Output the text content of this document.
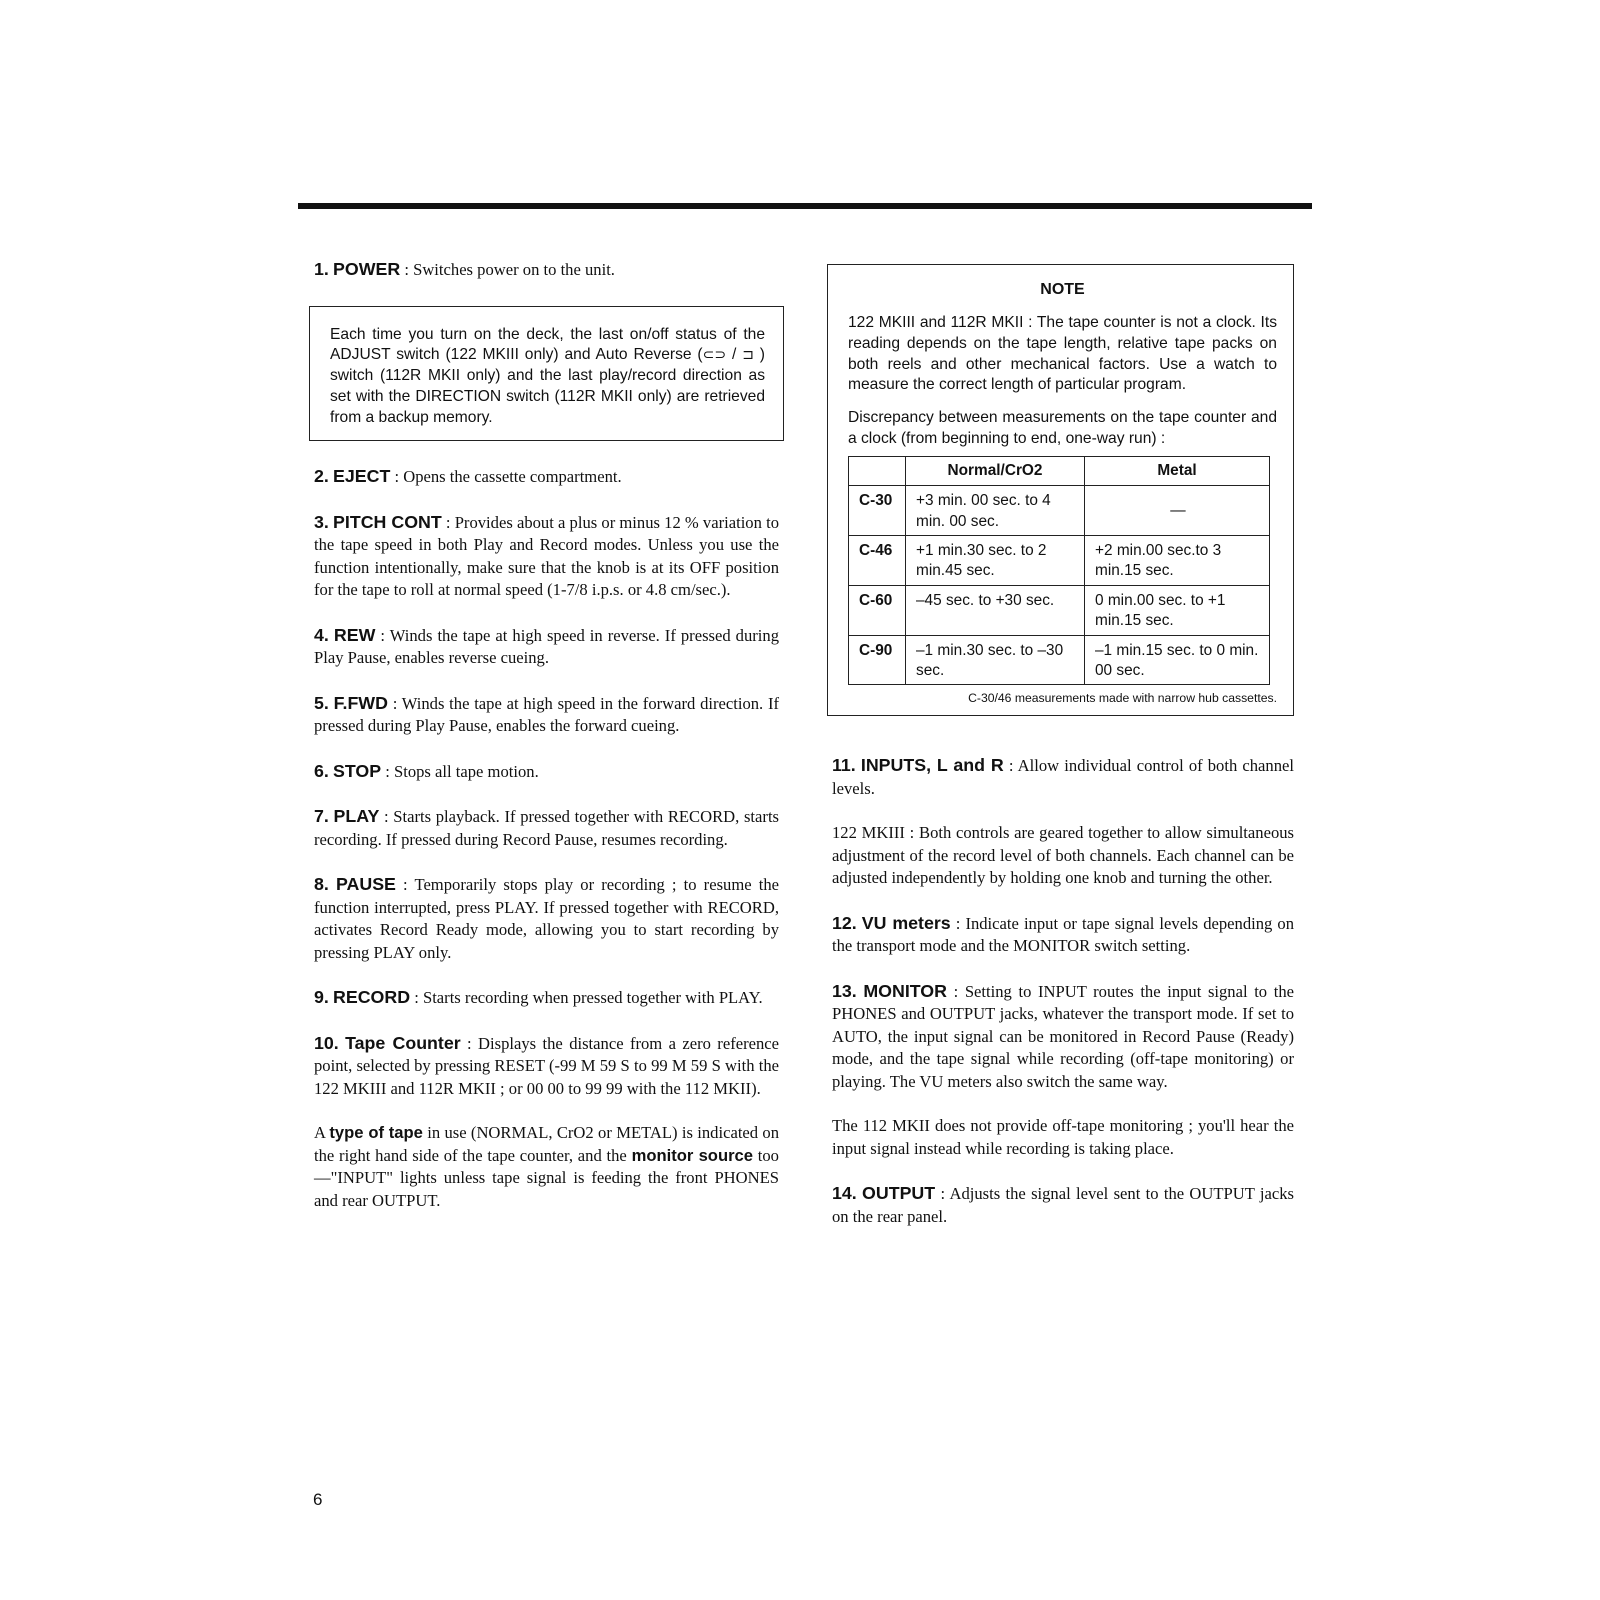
1. POWER : Switches power on to the unit.

Each time you turn on the deck, the last on/off status of the ADJUST switch (122 MKIII only) and Auto Reverse (⊂⊃ / ⊐ ) switch (112R MKII only) and the last play/record direction as set with the DIRECTION switch (112R MKII only) are retrieved from a backup memory.

2. EJECT : Opens the cassette compartment.

3. PITCH CONT : Provides about a plus or minus 12 % variation to the tape speed in both Play and Record modes. Unless you use the function intentionally, make sure that the knob is at its OFF position for the tape to roll at normal speed (1-7/8 i.p.s. or 4.8 cm/sec.).

4. REW : Winds the tape at high speed in reverse. If pressed during Play Pause, enables reverse cueing.

5. F.FWD : Winds the tape at high speed in the forward direction. If pressed during Play Pause, enables the forward cueing.

6. STOP : Stops all tape motion.

7. PLAY : Starts playback. If pressed together with RECORD, starts recording. If pressed during Record Pause, resumes recording.

8. PAUSE : Temporarily stops play or recording ; to resume the function interrupted, press PLAY. If pressed together with RECORD, activates Record Ready mode, allowing you to start recording by pressing PLAY only.

9. RECORD : Starts recording when pressed together with PLAY.

10. Tape Counter : Displays the distance from a zero reference point, selected by pressing RESET (-99 M 59 S to 99 M 59 S with the 122 MKIII and 112R MKII ; or 00 00 to 99 99 with the 112 MKII).

A type of tape in use (NORMAL, CrO2 or METAL) is indicated on the right hand side of the tape counter, and the monitor source too—"INPUT" lights unless tape signal is feeding the front PHONES and rear OUTPUT.

NOTE

122 MKIII and 112R MKII : The tape counter is not a clock. Its reading depends on the tape length, relative tape packs on both reels and other mechanical factors. Use a watch to measure the correct length of particular program.

Discrepancy between measurements on the tape counter and a clock (from beginning to end, one-way run) :

	Normal/CrO2	Metal
C-30	+3 min. 00 sec. to 4 min. 00 sec.	—
C-46	+1 min.30 sec. to 2 min.45 sec.	+2 min.00 sec.to 3 min.15 sec.
C-60	–45 sec. to +30 sec.	0 min.00 sec. to +1 min.15 sec.
C-90	–1 min.30 sec. to –30 sec.	–1 min.15 sec. to 0 min. 00 sec.

C-30/46 measurements made with narrow hub cassettes.

11. INPUTS, L and R : Allow individual control of both channel levels.

122 MKIII : Both controls are geared together to allow simultaneous adjustment of the record level of both channels. Each channel can be adjusted independently by holding one knob and turning the other.

12. VU meters : Indicate input or tape signal levels depending on the transport mode and the MONITOR switch setting.

13. MONITOR : Setting to INPUT routes the input signal to the PHONES and OUTPUT jacks, whatever the transport mode. If set to AUTO, the input signal can be monitored in Record Pause (Ready) mode, and the tape signal while recording (off-tape monitoring) or playing. The VU meters also switch the same way.

The 112 MKII does not provide off-tape monitoring ; you'll hear the input signal instead while recording is taking place.

14. OUTPUT : Adjusts the signal level sent to the OUTPUT jacks on the rear panel.

6
